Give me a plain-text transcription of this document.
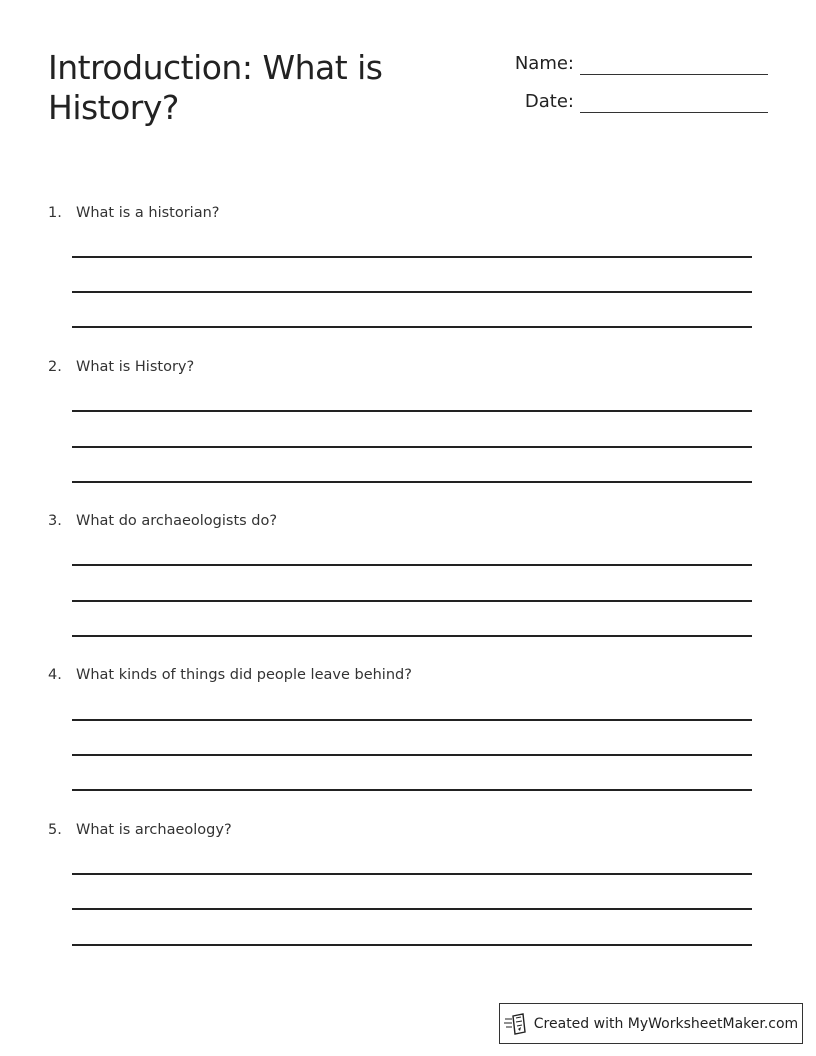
Introduction: What is History?
Name:
Date:
1. What is a historian?
2. What is History?
3. What do archaeologists do?
4. What kinds of things did people leave behind?
5. What is archaeology?
Created with MyWorksheetMaker.com
